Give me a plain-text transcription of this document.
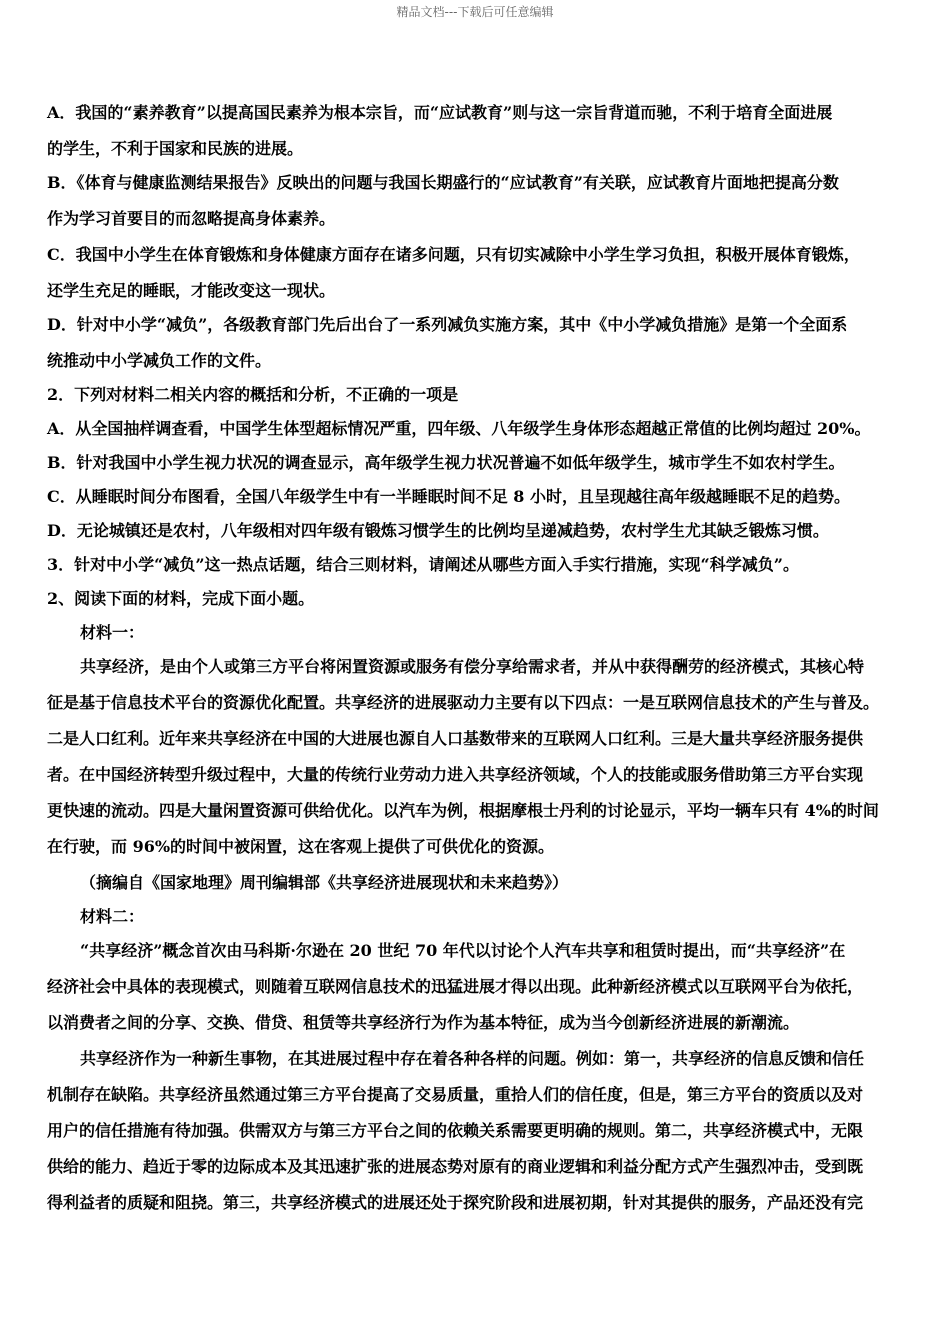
精品文档---下载后可任意编辑

A．我国的“素养教育”以提高国民素养为根本宗旨，而“应试教育”则与这一宗旨背道而驰，不利于培育全面进展

的学生，不利于国家和民族的进展。

B．《体育与健康监测结果报告》反映出的问题与我国长期盛行的“应试教育”有关联，应试教育片面地把提高分数

作为学习首要目的而忽略提高身体素养。

C．我国中小学生在体育锻炼和身体健康方面存在诸多问题，只有切实减除中小学生学习负担，积极开展体育锻炼，

还学生充足的睡眠，才能改变这一现状。

D．针对中小学“减负”，各级教育部门先后出台了一系列减负实施方案，其中《中小学减负措施》是第一个全面系

统推动中小学减负工作的文件。

2．下列对材料二相关内容的概括和分析，不正确的一项是

A．从全国抽样调查看，中国学生体型超标情况严重，四年级、八年级学生身体形态超越正常值的比例均超过 20%。

B．针对我国中小学生视力状况的调查显示，高年级学生视力状况普遍不如低年级学生，城市学生不如农村学生。

C．从睡眠时间分布图看，全国八年级学生中有一半睡眠时间不足 8 小时，且呈现越往高年级越睡眠不足的趋势。

D．无论城镇还是农村，八年级相对四年级有锻炼习惯学生的比例均呈递减趋势，农村学生尤其缺乏锻炼习惯。

3．针对中小学“减负”这一热点话题，结合三则材料，请阐述从哪些方面入手实行措施，实现“科学减负”。

2、阅读下面的材料，完成下面小题。

材料一：

共享经济，是由个人或第三方平台将闲置资源或服务有偿分享给需求者，并从中获得酬劳的经济模式，其核心特

征是基于信息技术平台的资源优化配置。共享经济的进展驱动力主要有以下四点：一是互联网信息技术的产生与普及。

二是人口红利。近年来共享经济在中国的大进展也源自人口基数带来的互联网人口红利。三是大量共享经济服务提供

者。在中国经济转型升级过程中，大量的传统行业劳动力进入共享经济领域，个人的技能或服务借助第三方平台实现

更快速的流动。四是大量闲置资源可供给优化。以汽车为例，根据摩根士丹利的讨论显示，平均一辆车只有 4%的时间

在行驶，而 96%的时间中被闲置，这在客观上提供了可供优化的资源。

（摘编自《国家地理》周刊编辑部《共享经济进展现状和未来趋势》）

材料二：

“共享经济”概念首次由马科斯·尔逊在 20 世纪 70 年代以讨论个人汽车共享和租赁时提出，而“共享经济”在

经济社会中具体的表现模式，则随着互联网信息技术的迅猛进展才得以出现。此种新经济模式以互联网平台为依托，

以消费者之间的分享、交换、借贷、租赁等共享经济行为作为基本特征，成为当今创新经济进展的新潮流。

共享经济作为一种新生事物，在其进展过程中存在着各种各样的问题。例如：第一，共享经济的信息反馈和信任

机制存在缺陷。共享经济虽然通过第三方平台提高了交易质量，重拾人们的信任度，但是，第三方平台的资质以及对

用户的信任措施有待加强。供需双方与第三方平台之间的依赖关系需要更明确的规则。第二，共享经济模式中，无限

供给的能力、趋近于零的边际成本及其迅速扩张的进展态势对原有的商业逻辑和利益分配方式产生强烈冲击，受到既

得利益者的质疑和阻挠。第三，共享经济模式的进展还处于探究阶段和进展初期，针对其提供的服务，产品还没有完
